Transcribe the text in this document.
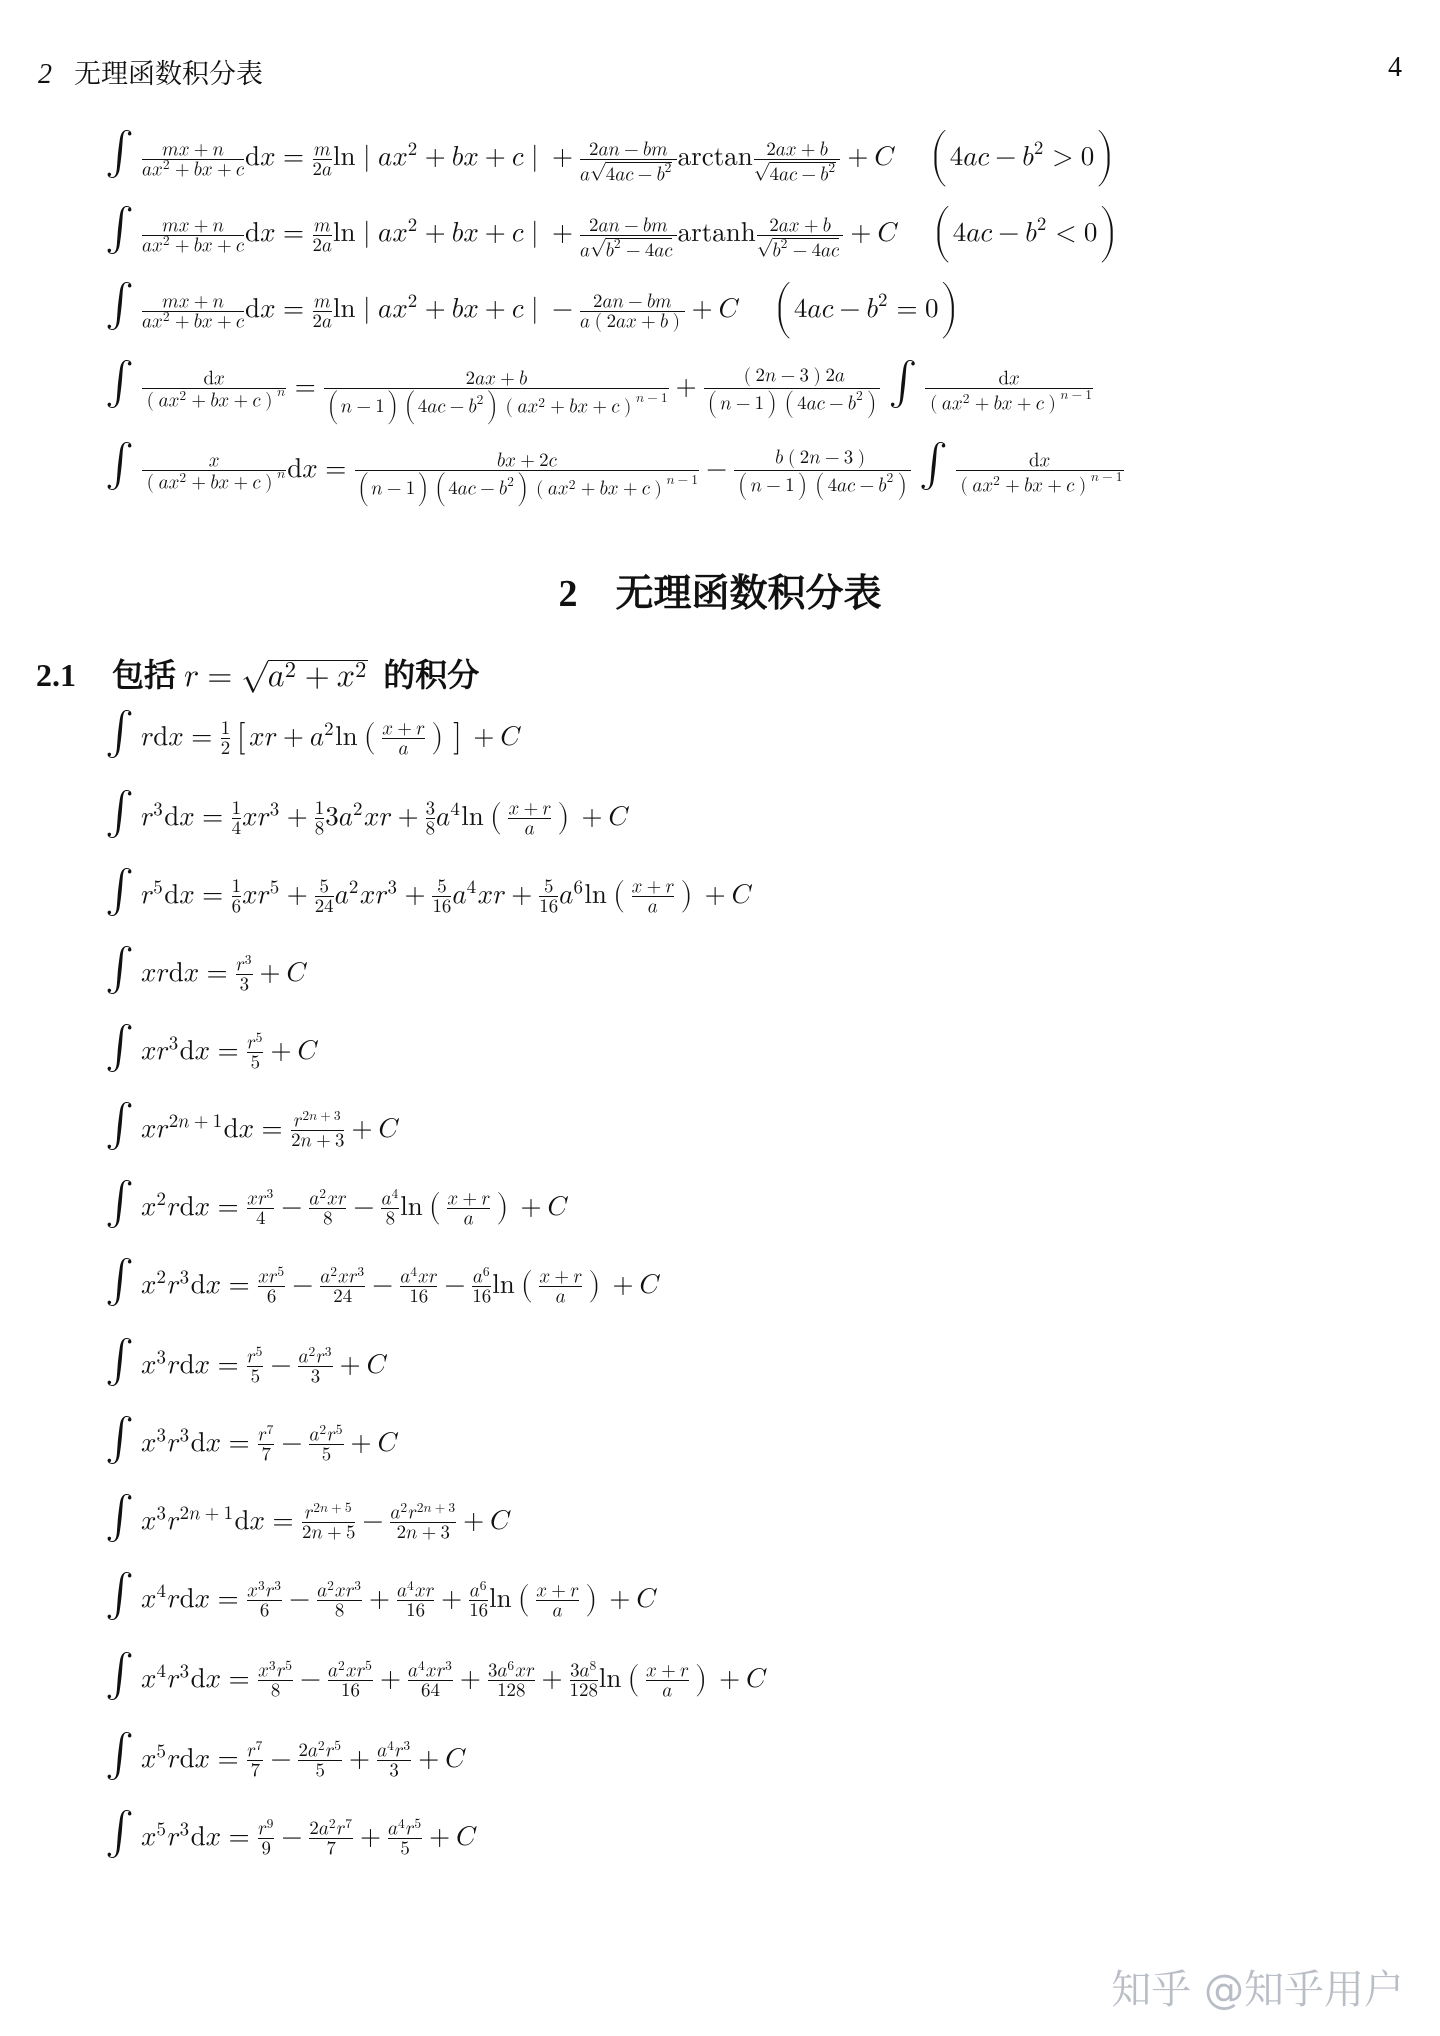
2 无理函数积分表	4
∫ m x + n
𝑎 x 2 + b x + c d x = m
2 a ln | a x 2 + b x + c | + 2 a n − b m
𝑎 4 a c − b 2 arctan 2 a x + b
4 a c − b 2 + C ( 4 a c − b 2 > 0 )
∫ m x + n
𝑎 x 2 + b x + c d x = m
2 a ln | a x 2 + b x + c | + 2 a n − b m
𝑎 b 2 − 4 a c
artanh 2 a x + b
𝑏 2 − 4 a c
+ C ( 4 a c − b 2 < 0 )
∫ m x + n
𝑎 x 2 + b x + c d x = m
2 a ln | a x 2 + b x + c | − 2 a n − b m
𝑎 ( 2 a x + b )
+ C ( 4 a c − b 2 = 0 )
∫	d x
( a x 2 + b x + c )
𝑛 =	2 a x + b
( n − 1 ) ( 4 a c − b 2 ) ( a x 2 + b x + c )
𝑛 − 1 + ( 2 n − 3 ) 2 a
( n − 1 ) ( 4 a c − b 2 ) ∫	d x
( a x 2 + b x + c )
𝑛 − 1
∫	x
( a x 2 + b x + c )
𝑛 d x =	b x + 2 c
( n − 1 ) ( 4 a c − b 2 ) ( a x 2 + b x + c )
𝑛 − 1 −	b ( 2 n − 3 )
( n − 1 ) ( 4 a c − b 2 ) ∫	d x
( a x 2 + b x + c )
𝑛 − 1
2 无理函数积分表
2.1 包括 r = a 2 + x 2 的积分
∫ r d x = 1
2 [ x r + a 2 ln ( x + r
𝑎 ) ] + C
∫ r 3 d x = 1
4 x r 3 + 1
8 3 a 2 x r + 3
8 a 4 ln ( x + r
𝑎 ) + C
∫ r 5 d x = 1
6 x r 5 + 5
24 a 2 x r 3 + 5
16 a 4 x r + 5
16 a 6 ln ( x + r
𝑎 ) + C
∫ x r d x = r 3
3 + C
∫ x r 3 d x = r 5
5 + C
∫ x r 2 n + 1 d x = r 2 n + 3
2 n + 3 + C
∫ x 2 r d x = x r 3
4 − a 2 x r
8 − a 4
8 ln ( x + r
𝑎 ) + C
∫ x 2 r 3 d x = x r 5
6 − a 2 x r 3
24 − a 4 x r
16 − a 6
16 ln ( x + r
𝑎 ) + C
∫ x 3 r d x = r 5
5 − a 2 r 3
3 + C
∫ x 3 r 3 d x = r 7
7 − a 2 r 5
5 + C
∫ x 3 r 2 n + 1 d x = r 2 n + 5
2 n + 5 − a 2 r 2 n + 3
2 n + 3 + C
∫ x 4 r d x = x 3 r 3
6 − a 2 x r 3
8 + a 4 x r
16 + a 6
16 ln ( x + r
𝑎 ) + C
∫ x 4 r 3 d x = x 3 r 5
8 − a 2 x r 5
16 + a 4 x r 3
64 + 3 a 6 x r
128 + 3 a 8
128 ln ( x + r
𝑎 ) + C
∫ x 5 r d x = r 7
7 − 2 a 2 r 5
5 + a 4 r 3
3 + C
∫ x 5 r 3 d x = r 9
9 − 2 a 2 r 7
7 + a 4 r 5
5 + C
知乎 @知乎用户
